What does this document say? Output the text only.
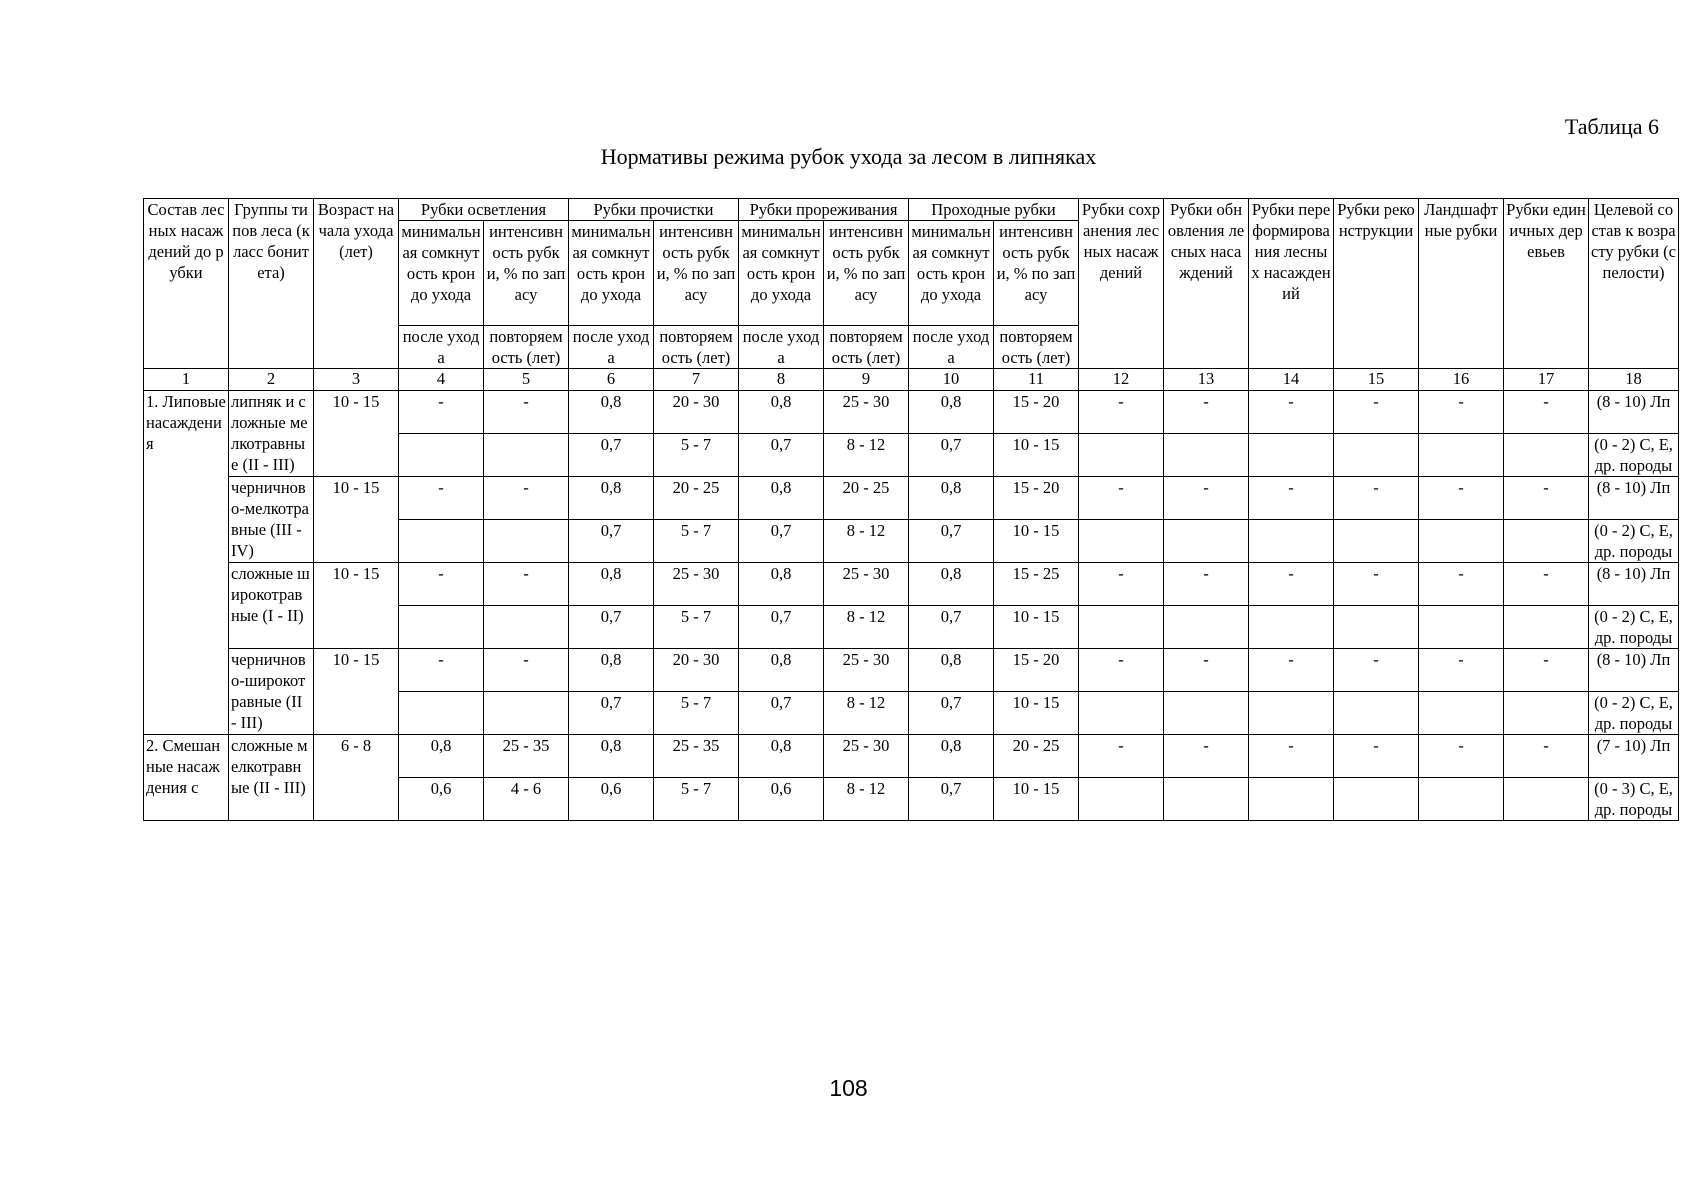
Таблица 6
Нормативы режима рубок ухода за лесом в липняках
Состав лесных насаждений до рубки	Группы типов леса (класс бонитета)	Возраст начала ухода (лет)	Рубки осветления		Рубки прочистки		Рубки прореживания		Проходные рубки		Рубки сохранения лесных насаждений	Рубки обновления лесных насаждений	Рубки переформирования лесных насаждений	Рубки реконструкции	Ландшафтные рубки	Рубки единичных деревьев	Целевой состав к возрасту рубки (спелости)
			минимальная сомкнутость крон до ухода	интенсивность рубки, % по запасу	минимальная сомкнутость крон до ухода	интенсивность рубки, % по запасу	минимальная сомкнутость крон до ухода	интенсивность рубки, % по запасу	минимальная сомкнутость крон до ухода	интенсивность рубки, % по запасу							
			после ухода	повторяемость (лет)	после ухода	повторяемость (лет)	после ухода	повторяемость (лет)	после ухода	повторяемость (лет)							
1	2	3	4	5	6	7	8	9	10	11	12	13	14	15	16	17	18
1. Липовые насаждения	липняк и сложные мелкотравные (II - III)	10 - 15	-	-	0,8	20 - 30	0,8	25 - 30	0,8	15 - 20	-	-	-	-	-	-	(8 - 10) Лп
					0,7	5 - 7	0,7	8 - 12	0,7	10 - 15							(0 - 2) С, Е, др. породы
	черничново-мелкотравные (III - IV)	10 - 15	-	-	0,8	20 - 25	0,8	20 - 25	0,8	15 - 20	-	-	-	-	-	-	(8 - 10) Лп
					0,7	5 - 7	0,7	8 - 12	0,7	10 - 15							(0 - 2) С, Е, др. породы
	сложные широкотравные (I - II)	10 - 15	-	-	0,8	25 - 30	0,8	25 - 30	0,8	15 - 25	-	-	-	-	-	-	(8 - 10) Лп
					0,7	5 - 7	0,7	8 - 12	0,7	10 - 15							(0 - 2) С, Е, др. породы
	черничново-широкотравные (II - III)	10 - 15	-	-	0,8	20 - 30	0,8	25 - 30	0,8	15 - 20	-	-	-	-	-	-	(8 - 10) Лп
					0,7	5 - 7	0,7	8 - 12	0,7	10 - 15							(0 - 2) С, Е, др. породы
2. Смешанные насаждения с	сложные мелкотравные (II - III)	6 - 8	0,8	25 - 35	0,8	25 - 35	0,8	25 - 30	0,8	20 - 25	-	-	-	-	-	-	(7 - 10) Лп
			0,6	4 - 6	0,6	5 - 7	0,6	8 - 12	0,7	10 - 15							(0 - 3) С, Е, др. породы
108
